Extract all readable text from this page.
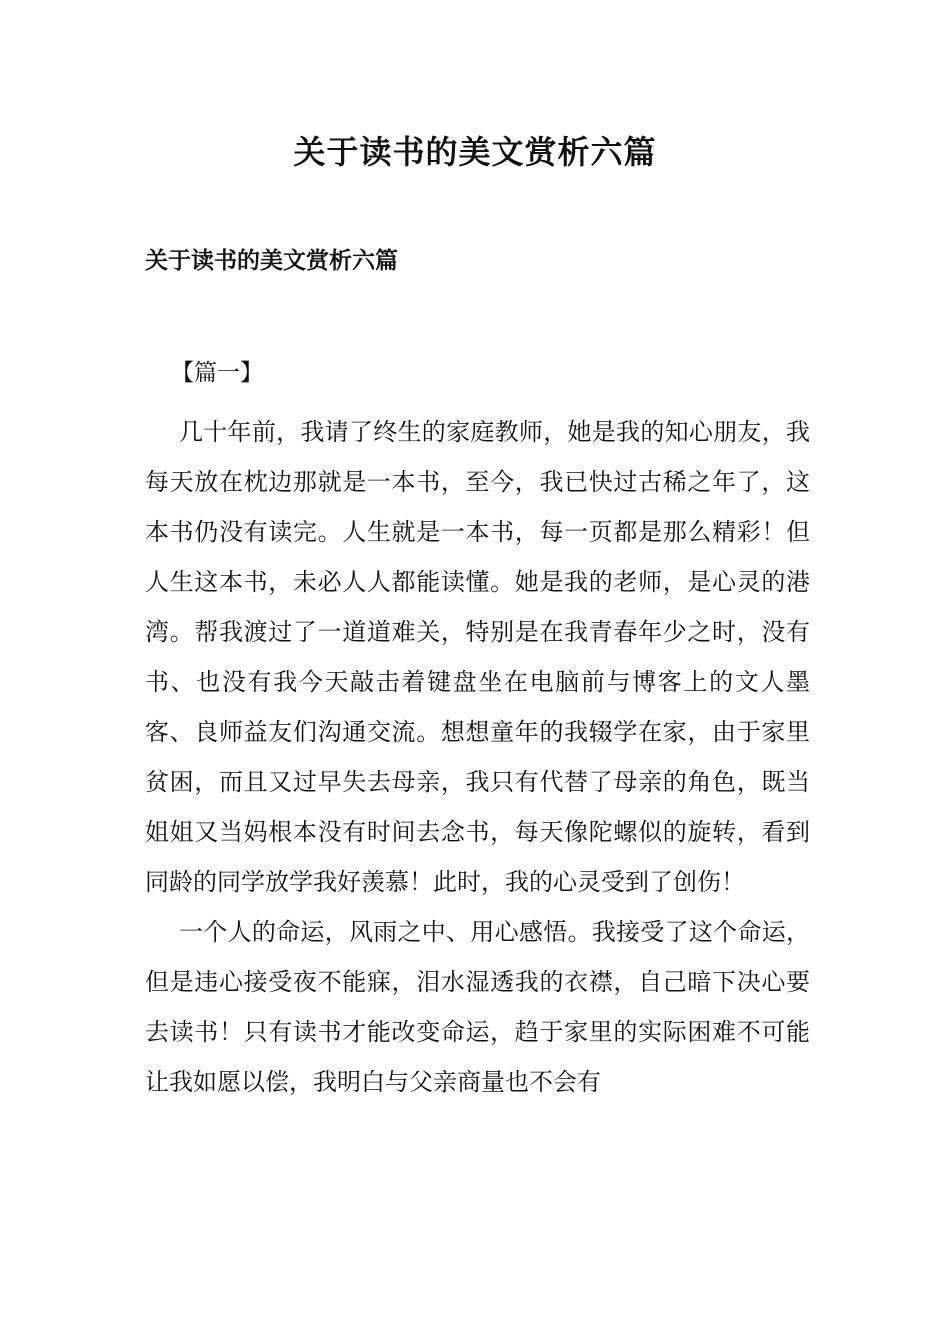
关于读书的美文赏析六篇
关于读书的美文赏析六篇
【篇一】

几十年前，我请了终生的家庭教师，她是我的知心朋友，我每天放在枕边那就是一本书，至今，我已快过古稀之年了，这本书仍没有读完。人生就是一本书，每一页都是那么精彩！但人生这本书，未必人人都能读懂。她是我的老师，是心灵的港湾。帮我渡过了一道道难关，特别是在我青春年少之时，没有书、也没有我今天敲击着键盘坐在电脑前与博客上的文人墨客、良师益友们沟通交流。想想童年的我辍学在家，由于家里贫困，而且又过早失去母亲，我只有代替了母亲的角色，既当姐姐又当妈根本没有时间去念书，每天像陀螺似的旋转，看到同龄的同学放学我好羡慕！此时，我的心灵受到了创伤！

一个人的命运，风雨之中、用心感悟。我接受了这个命运，但是违心接受夜不能寐，泪水湿透我的衣襟，自己暗下决心要去读书！只有读书才能改变命运，趋于家里的实际困难不可能让我如愿以偿，我明白与父亲商量也不会有
